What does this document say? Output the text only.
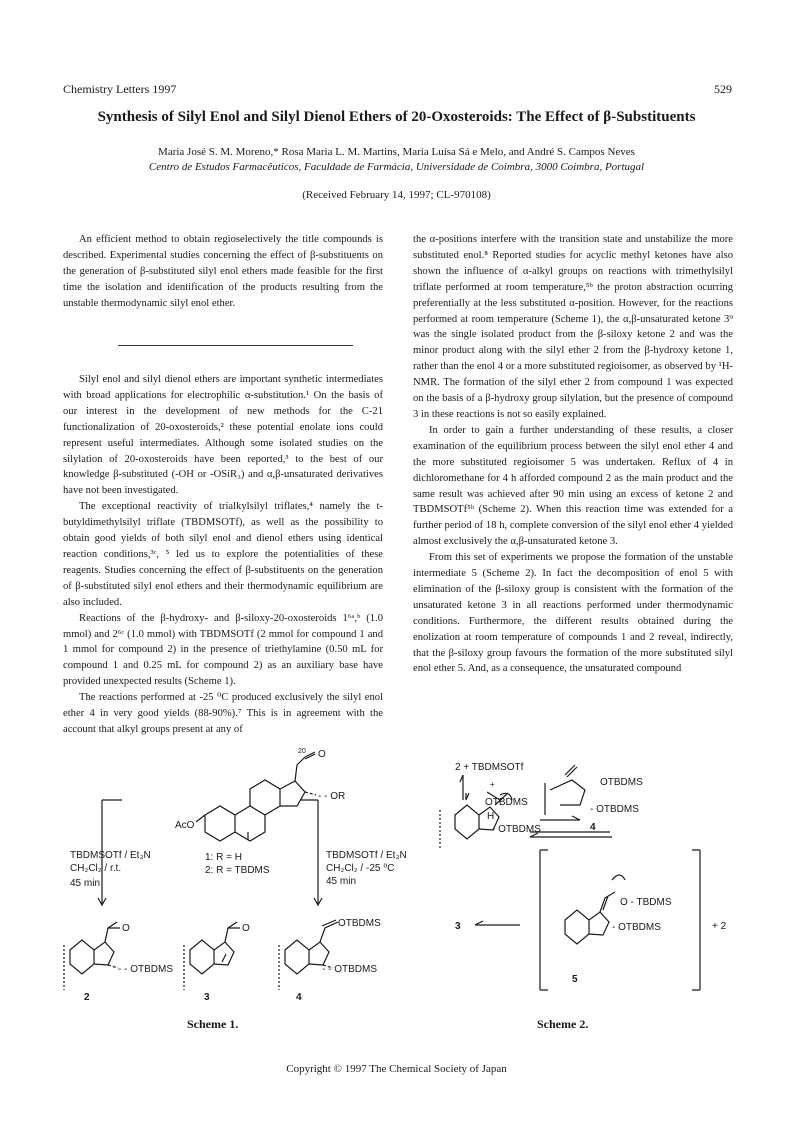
Chemistry Letters 1997	529
Synthesis of Silyl Enol and Silyl Dienol Ethers of 20-Oxosteroids: The Effect of β-Substituents
Maria José S. M. Moreno,* Rosa Maria L. M. Martins, Maria Luísa Sá e Melo, and André S. Campos Neves
Centro de Estudos Farmacêuticos, Faculdade de Farmácia, Universidade de Coimbra, 3000 Coimbra, Portugal
(Received February 14, 1997; CL-970108)

An efficient method to obtain regioselectively the title compounds is described. Experimental studies concerning the effect of β-substituents on the generation of β-substituted silyl enol ethers made feasible for the first time the isolation and identification of the products resulting from the unstable thermodynamic silyl enol ether.

Silyl enol and silyl dienol ethers are important synthetic intermediates with broad applications for electrophilic α-substitution.¹ On the basis of our interest in the development of new methods for the C-21 functionalization of 20-oxosteroids,² these potential enolate ions could represent useful intermediates. Although some isolated studies on the silylation of 20-oxosteroids have been reported,³ to the best of our knowledge β-substituted (-OH or -OSiR₃) and α,β-unsaturated derivatives have not been investigated.

The exceptional reactivity of trialkylsilyl triflates,⁴ namely the t-butyldimethylsilyl triflate (TBDMSOTf), as well as the possibility to obtain good yields of both silyl enol and dienol ethers using identical reaction conditions,³ᶜ, ⁵ led us to explore the potentialities of these reagents. Studies concerning the effect of β-substituents on the generation of β-substituted silyl enol ethers and their thermodynamic equilibrium are also included.

Reactions of the β-hydroxy- and β-siloxy-20-oxosteroids 1⁶ᵃ,ᵇ (1.0 mmol) and 2⁶ᶜ (1.0 mmol) with TBDMSOTf (2 mmol for compound 1 and 1 mmol for compound 2) in the presence of triethylamine (0.50 mL for compound 1 and 0.25 mL for compound 2) as an auxiliary base have provided unexpected results (Scheme 1).

The reactions performed at -25 ⁰C produced exclusively the silyl enol ether 4 in very good yields (88-90%).⁷ This is in agreement with the account that alkyl groups present at any of

the α-positions interfere with the transition state and unstabilize the more substituted enol.⁸ Reported studies for acyclic methyl ketones have also shown the influence of α-alkyl groups on reactions with trimethylsilyl triflate performed at room temperature,⁵ᵇ the proton abstraction ocurring preferentially at the less substituted α-position. However, for the reactions performed at room temperature (Scheme 1), the α,β-unsaturated ketone 3⁹ was the single isolated product from the β-siloxy ketone 2 and was the minor product along with the silyl ether 2 from the β-hydroxy ketone 1, rather than the enol 4 or a more substituted regioisomer, as observed by ¹H-NMR. The formation of the silyl ether 2 from compound 1 was expected on the basis of a β-hydroxy group silylation, but the presence of compound 3 in these reactions is not so easily explained.

In order to gain a further understanding of these results, a closer examination of the equilibrium process between the silyl enol ether 4 and the more substituted regioisomer 5 was undertaken. Reflux of 4 in dichloromethane for 4 h afforded compound 2 as the main product and the same result was achieved after 90 min using an excess of ketone 2 and TBDMSOTf⁵ᵇ (Scheme 2). When this reaction time was extended for a further period of 18 h, complete conversion of the silyl enol ether 4 yielded almost exclusively the α,β-unsaturated ketone 3.

From this set of experiments we propose the formation of the unstable intermediate 5 (Scheme 2). In fact the decomposition of enol 5 with elimination of the β-siloxy group is consistent with the formation of the unsaturated ketone 3 in all reactions performed under thermodynamic conditions. Furthermore, the different results obtained during the enolization at room temperature of compounds 1 and 2 reveal, indirectly, that the β-siloxy group favours the formation of the more substituted silyl enol ether 5. And, as a consequence, the unsaturated compound

20 O
- - OR
AcO
1: R = H
2: R = TBDMS
TBDMSOTf / Et₃N
CH₂Cl₂ / r.t.
45 min
TBDMSOTf / Et₃N
CH₂Cl₂ / -25 ⁰C
45 min
O
- - OTBDMS
O	OTBDMS
- - OTBDMS
2	3	4
2 + TBDMSOTf
+
OTBDMS
H
- OTBDMS
OTBDMS
- OTBDMS
4
O - TBDMS
- OTBDMS
3
5
+ 2
Scheme 1.	Scheme 2.
Copyright © 1997 The Chemical Society of Japan
